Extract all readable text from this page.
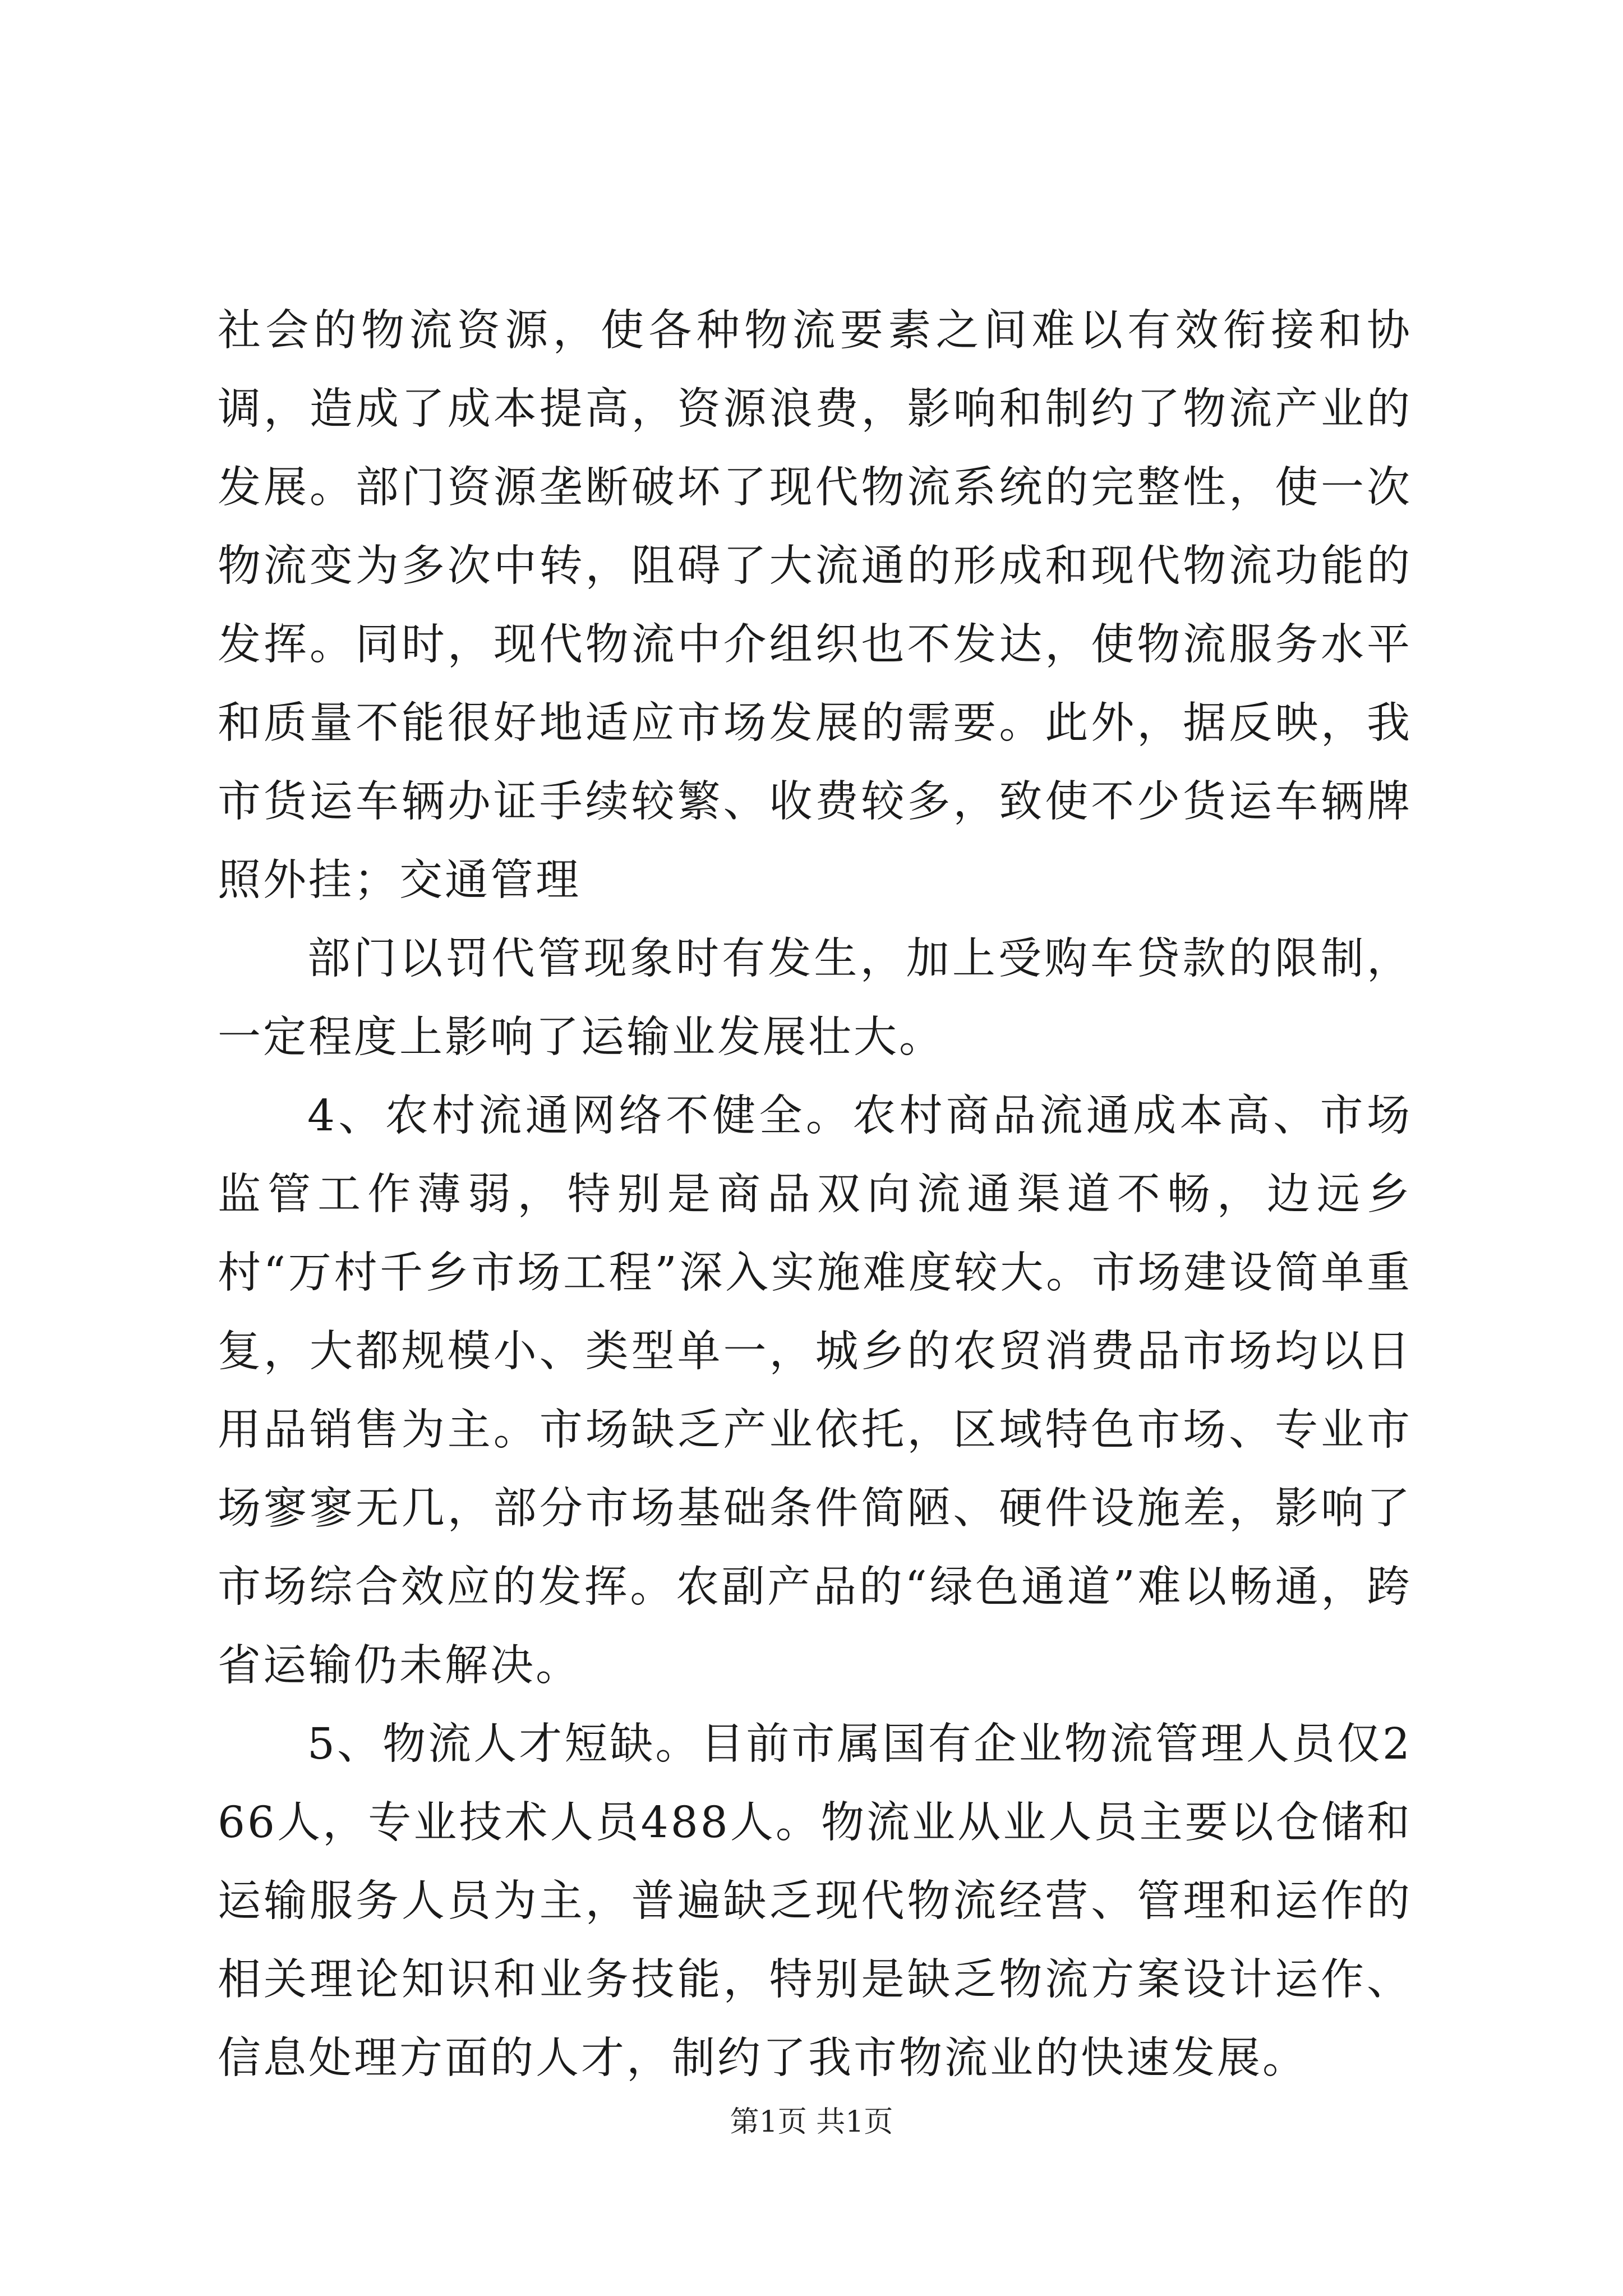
社会的物流资源，使各种物流要素之间难以有效衔接和协调，造成了成本提高，资源浪费，影响和制约了物流产业的发展。部门资源垄断破坏了现代物流系统的完整性，使一次物流变为多次中转，阻碍了大流通的形成和现代物流功能的发挥。同时，现代物流中介组织也不发达，使物流服务水平和质量不能很好地适应市场发展的需要。此外，据反映，我市货运车辆办证手续较繁、收费较多，致使不少货运车辆牌照外挂；交通管理

部门以罚代管现象时有发生，加上受购车贷款的限制，一定程度上影响了运输业发展壮大。

4、农村流通网络不健全。农村商品流通成本高、市场监管工作薄弱，特别是商品双向流通渠道不畅，边远乡村“万村千乡市场工程”深入实施难度较大。市场建设简单重复，大都规模小、类型单一，城乡的农贸消费品市场均以日用品销售为主。市场缺乏产业依托，区域特色市场、专业市场寥寥无几，部分市场基础条件简陋、硬件设施差，影响了市场综合效应的发挥。农副产品的“绿色通道”难以畅通，跨省运输仍未解决。

5、物流人才短缺。目前市属国有企业物流管理人员仅266人，专业技术人员488人。物流业从业人员主要以仓储和运输服务人员为主，普遍缺乏现代物流经营、管理和运作的相关理论知识和业务技能，特别是缺乏物流方案设计运作、信息处理方面的人才，制约了我市物流业的快速发展。

第1页 共1页
